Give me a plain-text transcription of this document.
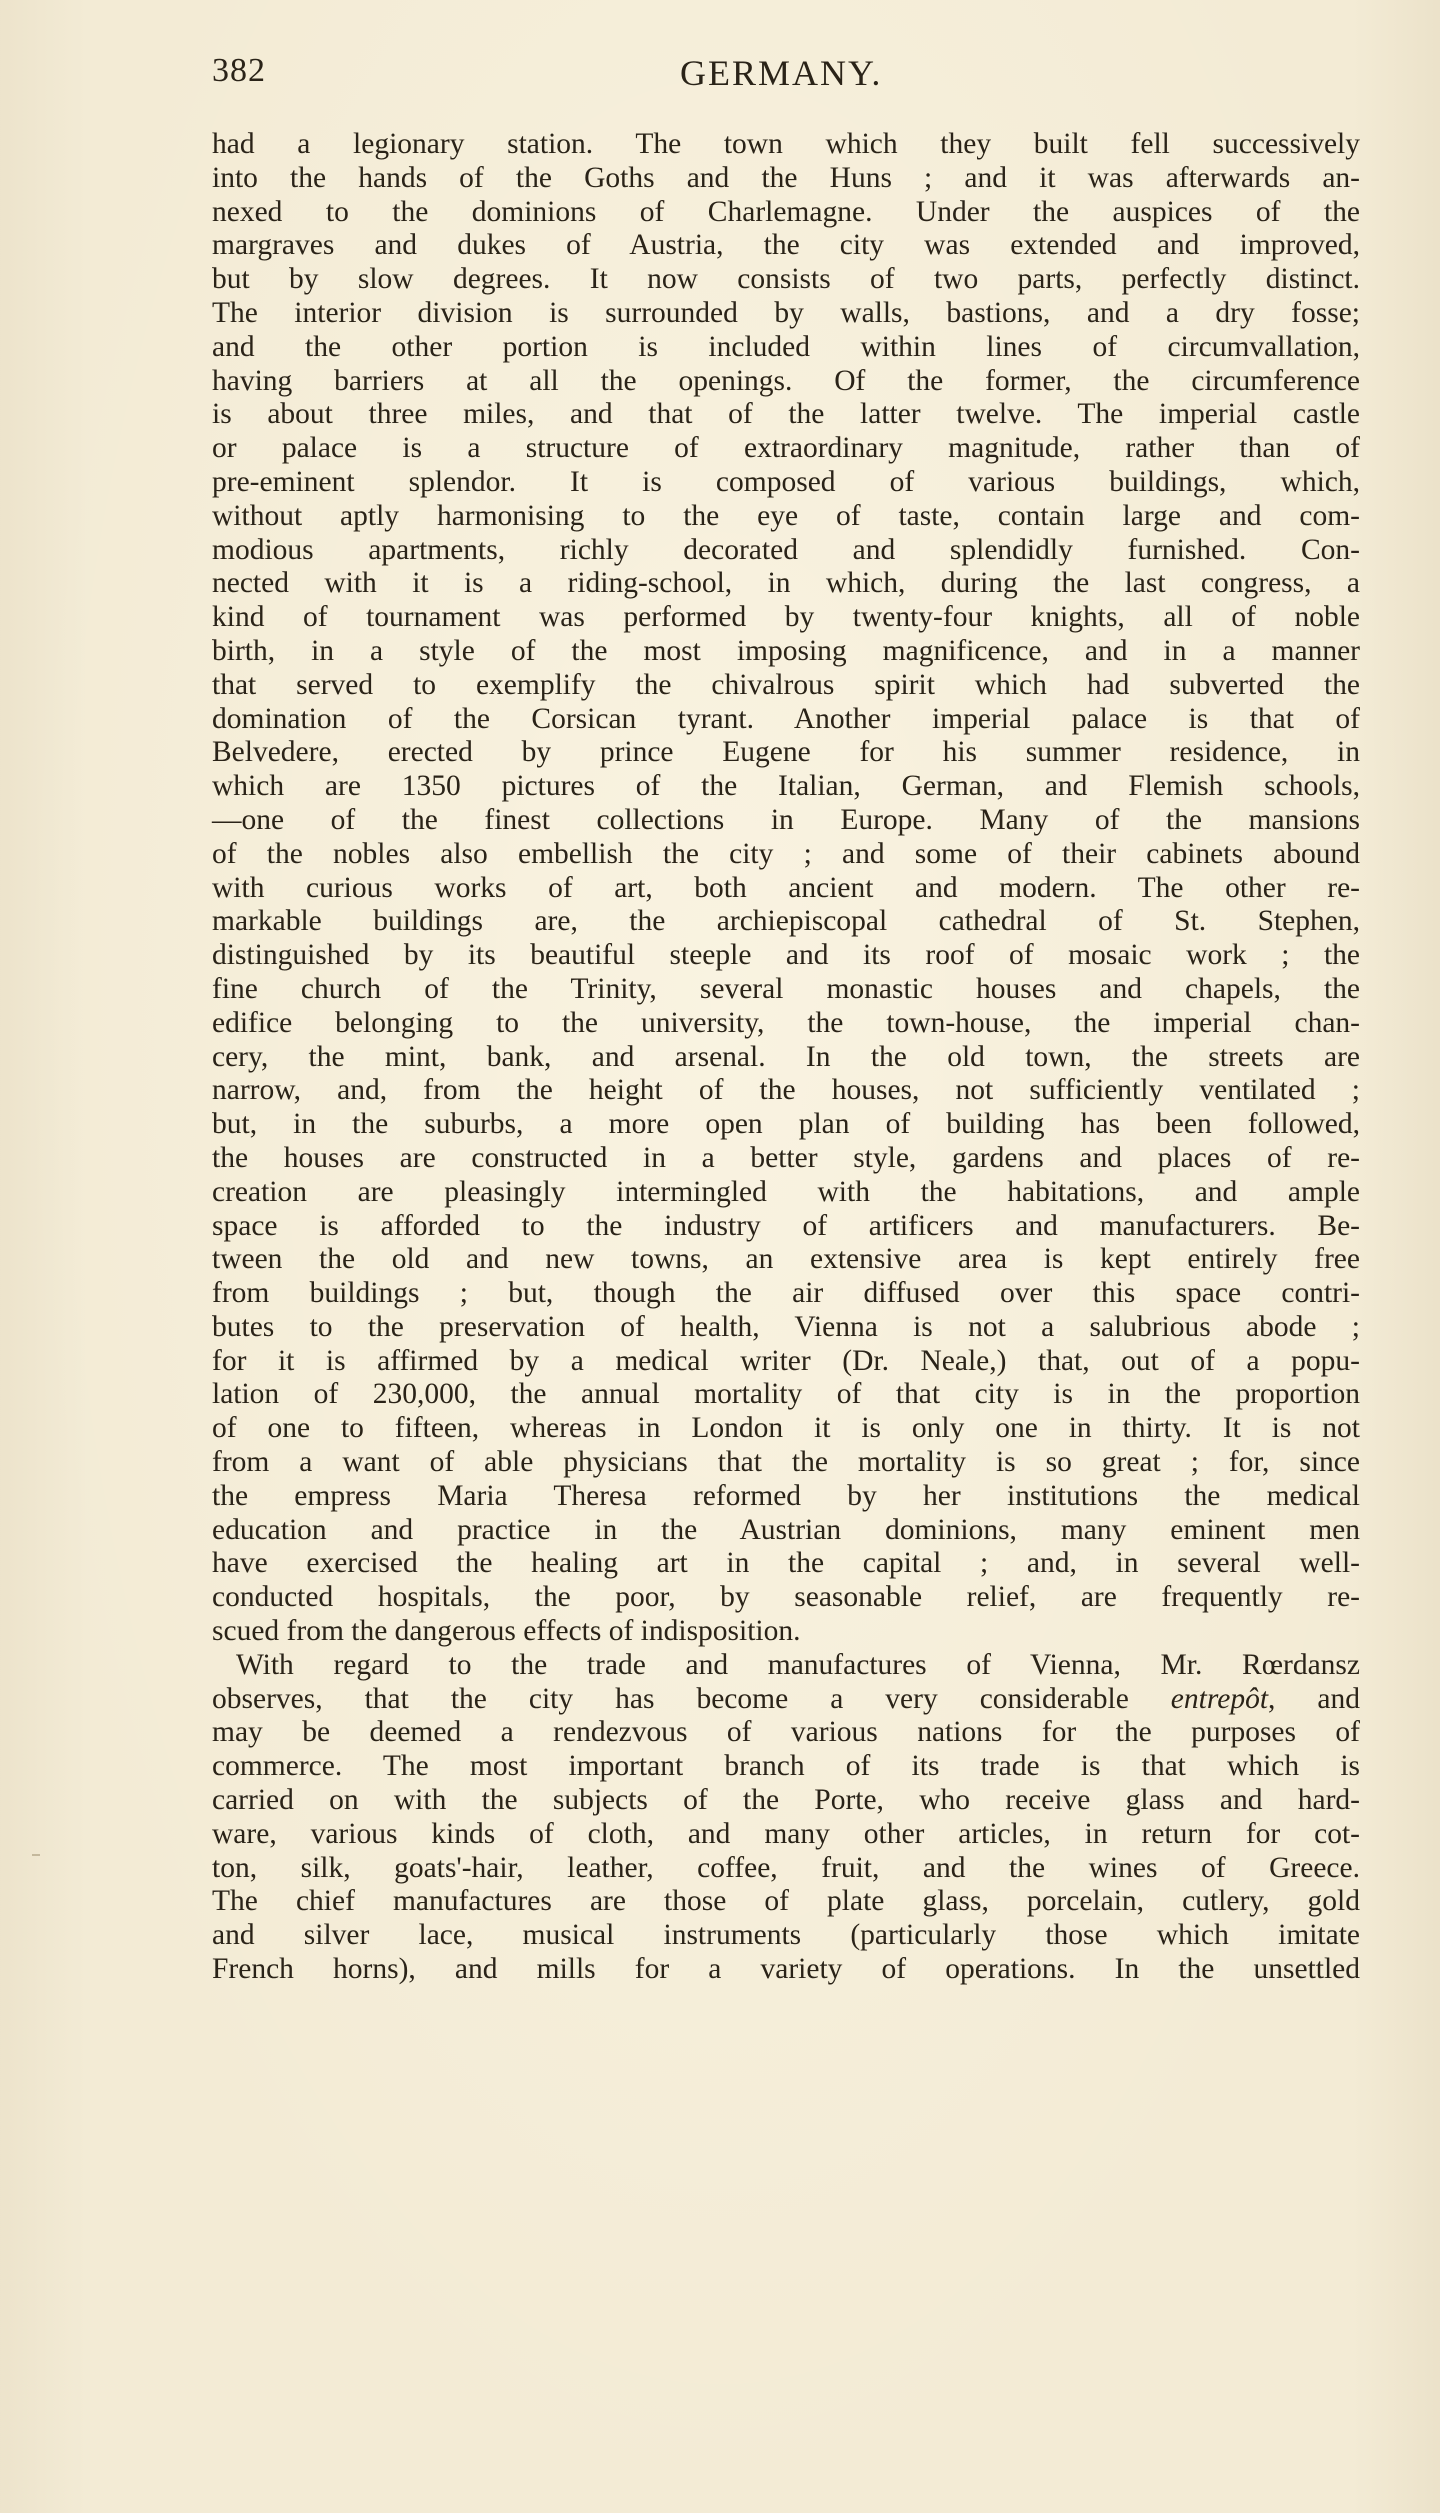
382	GERMANY.

had a legionary station. The town which they built fell successively
into the hands of the Goths and the Huns ; and it was afterwards an-
nexed to the dominions of Charlemagne. Under the auspices of the
margraves and dukes of Austria, the city was extended and improved,
but by slow degrees. It now consists of two parts, perfectly distinct.
The interior division is surrounded by walls, bastions, and a dry fosse;
and the other portion is included within lines of circumvallation,
having barriers at all the openings. Of the former, the circumference
is about three miles, and that of the latter twelve. The imperial castle
or palace is a structure of extraordinary magnitude, rather than of
pre-eminent splendor. It is composed of various buildings, which,
without aptly harmonising to the eye of taste, contain large and com-
modious apartments, richly decorated and splendidly furnished. Con-
nected with it is a riding-school, in which, during the last congress, a
kind of tournament was performed by twenty-four knights, all of noble
birth, in a style of the most imposing magnificence, and in a manner
that served to exemplify the chivalrous spirit which had subverted the
domination of the Corsican tyrant. Another imperial palace is that of
Belvedere, erected by prince Eugene for his summer residence, in
which are 1350 pictures of the Italian, German, and Flemish schools,
—one of the finest collections in Europe. Many of the mansions
of the nobles also embellish the city ; and some of their cabinets abound
with curious works of art, both ancient and modern. The other re-
markable buildings are, the archiepiscopal cathedral of St. Stephen,
distinguished by its beautiful steeple and its roof of mosaic work ; the
fine church of the Trinity, several monastic houses and chapels, the
edifice belonging to the university, the town-house, the imperial chan-
cery, the mint, bank, and arsenal. In the old town, the streets are
narrow, and, from the height of the houses, not sufficiently ventilated ;
but, in the suburbs, a more open plan of building has been followed,
the houses are constructed in a better style, gardens and places of re-
creation are pleasingly intermingled with the habitations, and ample
space is afforded to the industry of artificers and manufacturers. Be-
tween the old and new towns, an extensive area is kept entirely free
from buildings ; but, though the air diffused over this space contri-
butes to the preservation of health, Vienna is not a salubrious abode ;
for it is affirmed by a medical writer (Dr. Neale,) that, out of a popu-
lation of 230,000, the annual mortality of that city is in the proportion
of one to fifteen, whereas in London it is only one in thirty. It is not
from a want of able physicians that the mortality is so great ; for, since
the empress Maria Theresa reformed by her institutions the medical
education and practice in the Austrian dominions, many eminent men
have exercised the healing art in the capital ; and, in several well-
conducted hospitals, the poor, by seasonable relief, are frequently re-
scued from the dangerous effects of indisposition.

With regard to the trade and manufactures of Vienna, Mr. Rœrdansz
observes, that the city has become a very considerable entrepôt, and
may be deemed a rendezvous of various nations for the purposes of
commerce. The most important branch of its trade is that which is
carried on with the subjects of the Porte, who receive glass and hard-
ware, various kinds of cloth, and many other articles, in return for cot-
ton, silk, goats'-hair, leather, coffee, fruit, and the wines of Greece.
The chief manufactures are those of plate glass, porcelain, cutlery, gold
and silver lace, musical instruments (particularly those which imitate
French horns), and mills for a variety of operations. In the unsettled
